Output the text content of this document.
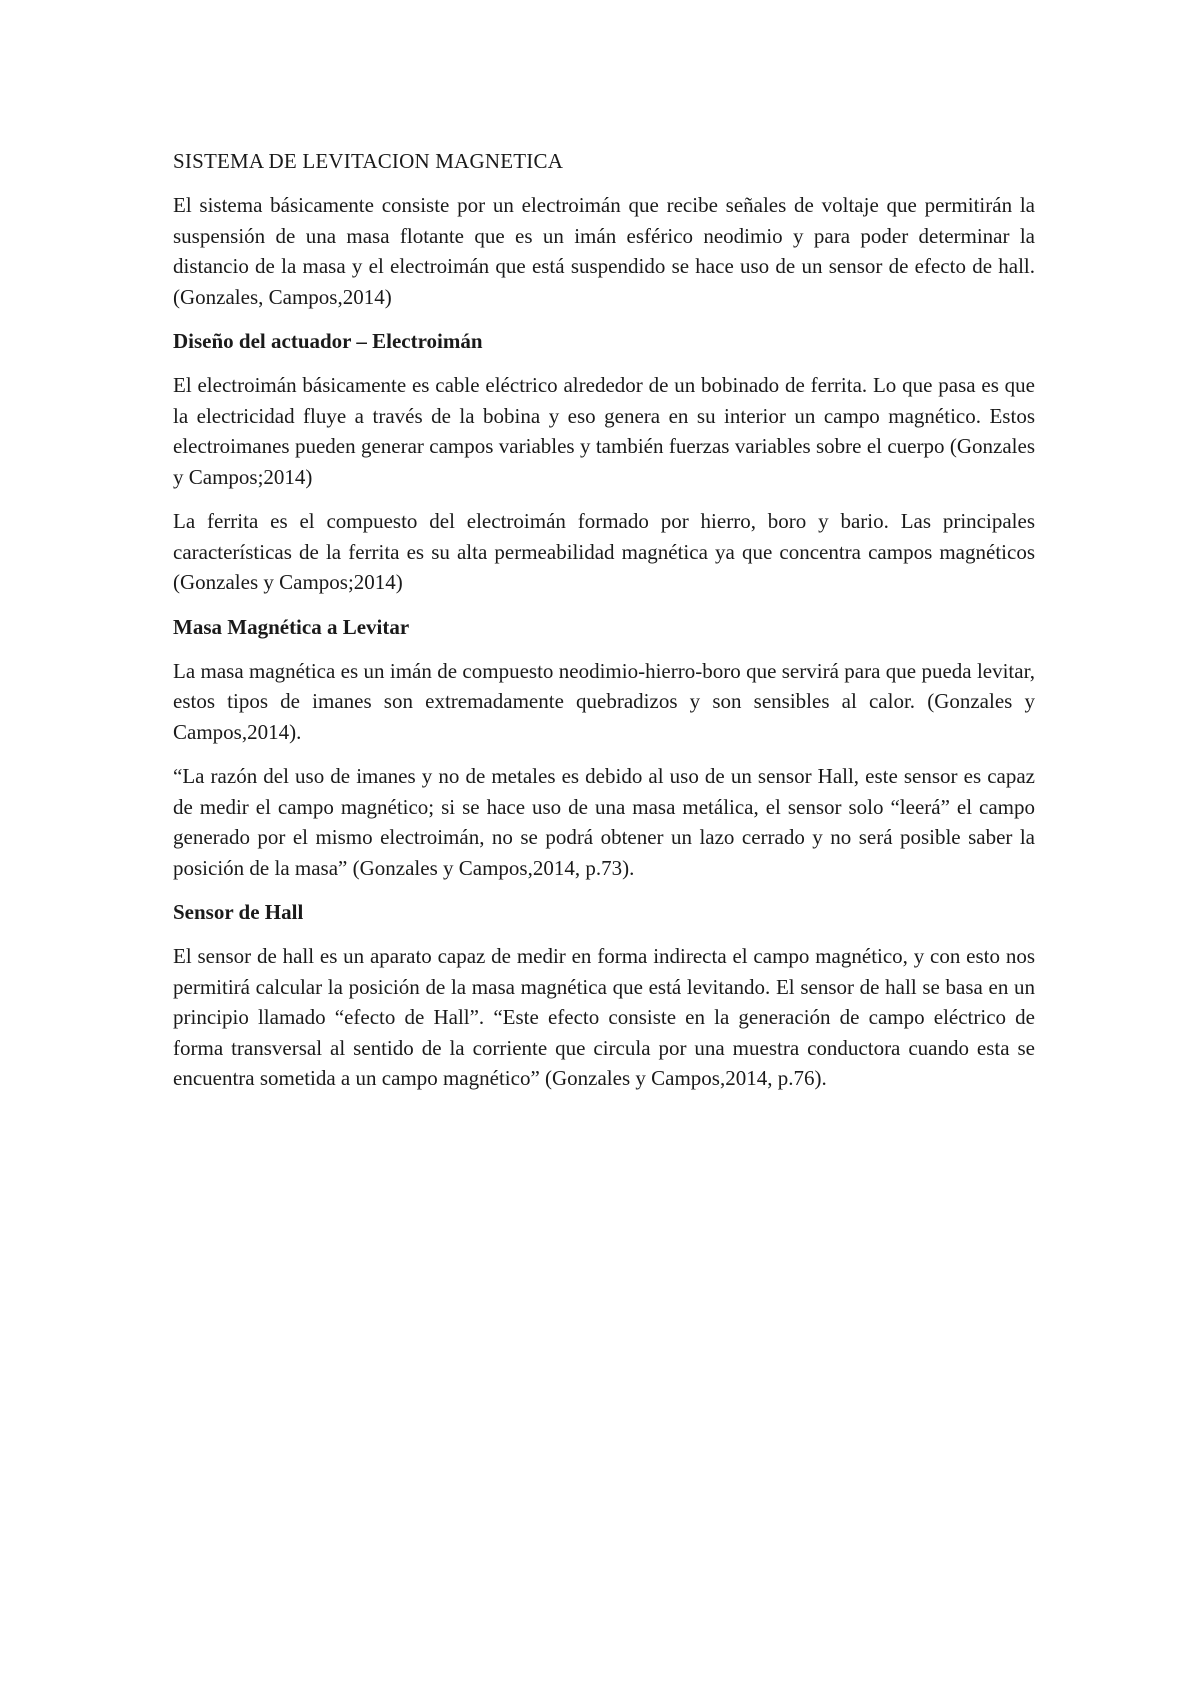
SISTEMA DE LEVITACION MAGNETICA

El sistema básicamente consiste por un electroimán que recibe señales de voltaje que permitirán la suspensión de una masa flotante que es un imán esférico neodimio y para poder determinar la distancio de la masa y el electroimán que está suspendido se hace uso de un sensor de efecto de hall. (Gonzales, Campos,2014)

Diseño del actuador – Electroimán

El electroimán básicamente es cable eléctrico alrededor de un bobinado de ferrita. Lo que pasa es que la electricidad fluye a través de la bobina y eso genera en su interior un campo magnético. Estos electroimanes pueden generar campos variables y también fuerzas variables sobre el cuerpo (Gonzales y Campos;2014)

La ferrita es el compuesto del electroimán formado por hierro, boro y bario. Las principales características de la ferrita es su alta permeabilidad magnética ya que concentra campos magnéticos (Gonzales y Campos;2014)

Masa Magnética a Levitar

La masa magnética es un imán de compuesto neodimio-hierro-boro que servirá para que pueda levitar, estos tipos de imanes son extremadamente quebradizos y son sensibles al calor. (Gonzales y Campos,2014).

“La razón del uso de imanes y no de metales es debido al uso de un sensor Hall, este sensor es capaz de medir el campo magnético; si se hace uso de una masa metálica, el sensor solo “leerá” el campo generado por el mismo electroimán, no se podrá obtener un lazo cerrado y no será posible saber la posición de la masa” (Gonzales y Campos,2014, p.73).

Sensor de Hall

El sensor de hall es un aparato capaz de medir en forma indirecta el campo magnético, y con esto nos permitirá calcular la posición de la masa magnética que está levitando. El sensor de hall se basa en un principio llamado “efecto de Hall”. “Este efecto consiste en la generación de campo eléctrico de forma transversal al sentido de la corriente que circula por una muestra conductora cuando esta se encuentra sometida a un campo magnético” (Gonzales y Campos,2014, p.76).
